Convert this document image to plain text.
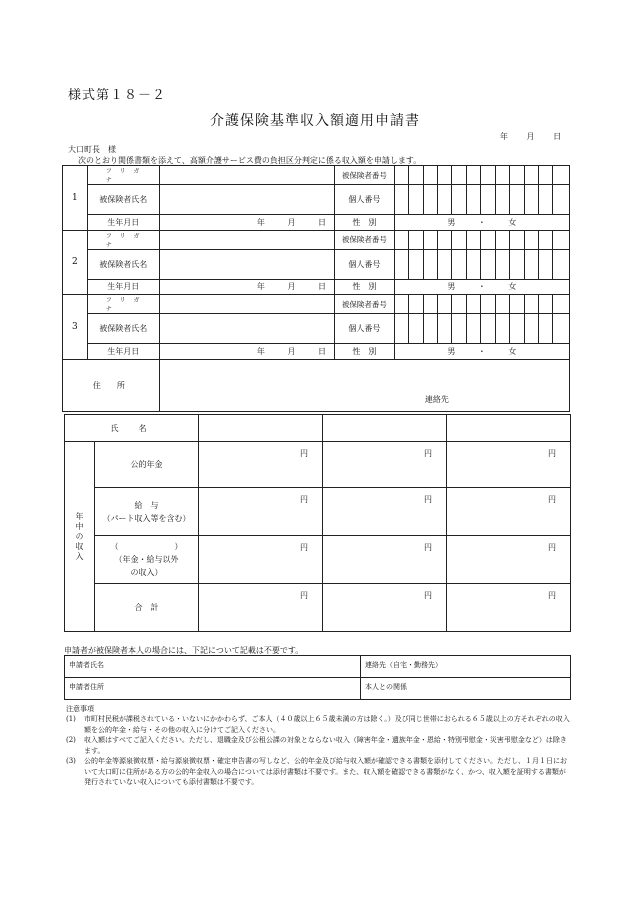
様式第１８－２
介護保険基準収入額適用申請書
年 月 日
大口町長　様
次のとおり関係書類を添えて、高額介護サービス費の負担区分判定に係る収入額を申請します。
1	フリガナ		被保険者番号												
	被保険者氏名		個人番号												
	生年月日	年 月 日	性　別	男 ・ 女											
2	フリガナ		被保険者番号												
	被保険者氏名		個人番号												
	生年月日	年 月 日	性　別	男 ・ 女											
3	フリガナ		被保険者番号												
	被保険者氏名		個人番号												
	生年月日	年 月 日	性　別	男 ・ 女											
住　所		連絡先													
氏　名				
年中の収入	公的年金	円	円	円

	給　与
（パート収入等を含む）	円	円	円

	（　　　　　　　）
（年金・給与以外
の収入）	円	円	円

	合　計	円	円	円
申請者が被保険者本人の場合には、下記について記載は不要です。
申請者氏名	連絡先（自宅・勤務先）
申請者住所	本人との関係
注意事項
(1)	市町村民税が課税されている・いないにかかわらず、ご本人（４０歳以上６５歳未満の方は除く。）及び同じ世帯におられる６５歳以上の方それぞれの収入額を公的年金・給与・その他の収入に分けてご記入ください。
(2)	収入額はすべてご記入ください。ただし、退職金及び公租公課の対象とならない収入（障害年金・遺族年金・恩給・特別弔慰金・災害弔慰金など）は除きます。
(3)	公的年金等源泉徴収票・給与源泉徴収票・確定申告書の写しなど、公的年金及び給与収入額が確認できる書類を添付してください。ただし、１月１日において大口町に住所がある方の公的年金収入の場合については添付書類は不要です。また、収入額を確認できる書類がなく、かつ、収入額を証明する書類が発行されていない収入についても添付書類は不要です。
